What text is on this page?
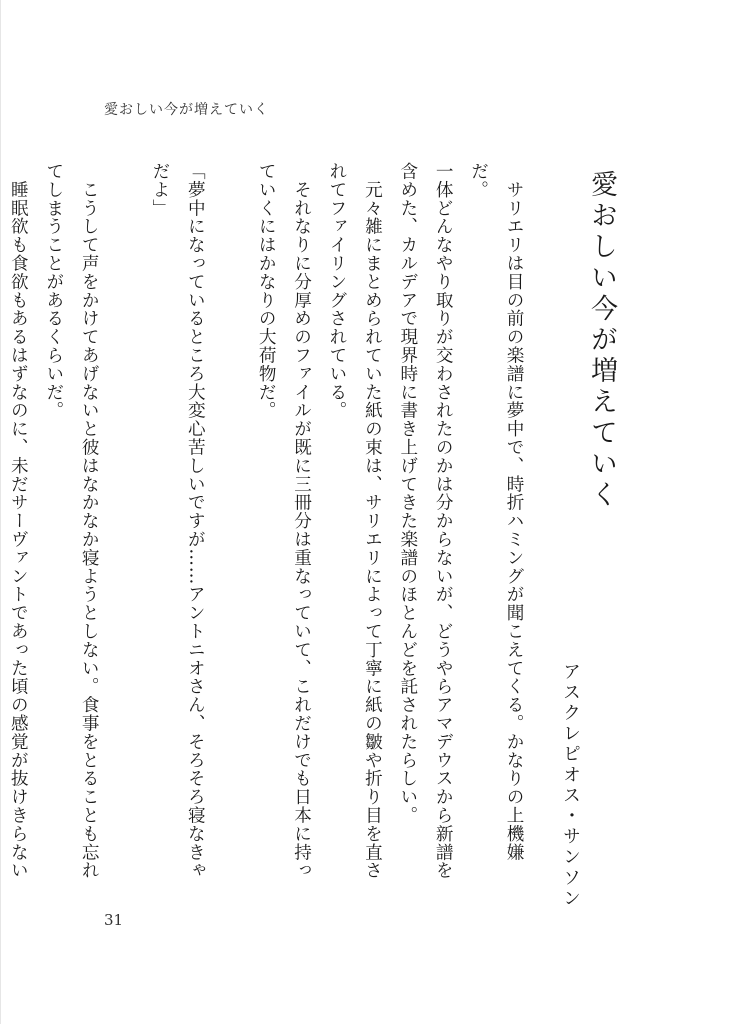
愛おしい今が増えていく
愛おしい今が増えていく
アスクレピオス・サンソン

　サリエリは目の前の楽譜に夢中で、時折ハミングが聞こえてくる。かなりの上機嫌だ。

一体どんなやり取りが交わされたのかは分からないが、どうやらアマデウスから新譜を含めた、カルデアで現界時に書き上げてきた楽譜のほとんどを託されたらしい。

　元々雑にまとめられていた紙の束は、サリエリによって丁寧に紙の皺や折り目を直されてファイリングされている。

　それなりに分厚めのファイルが既に三冊分は重なっていて、これだけでも日本に持っていくにはかなりの大荷物だ。

「夢中になっているところ大変心苦しいですが……アントニオさん、そろそろ寝なきゃだよ」

　こうして声をかけてあげないと彼はなかなか寝ようとしない。食事をとることも忘れてしまうことがあるくらいだ。

　睡眠欲も食欲もあるはずなのに、未だサーヴァントであった頃の感覚が抜けきらない

31
